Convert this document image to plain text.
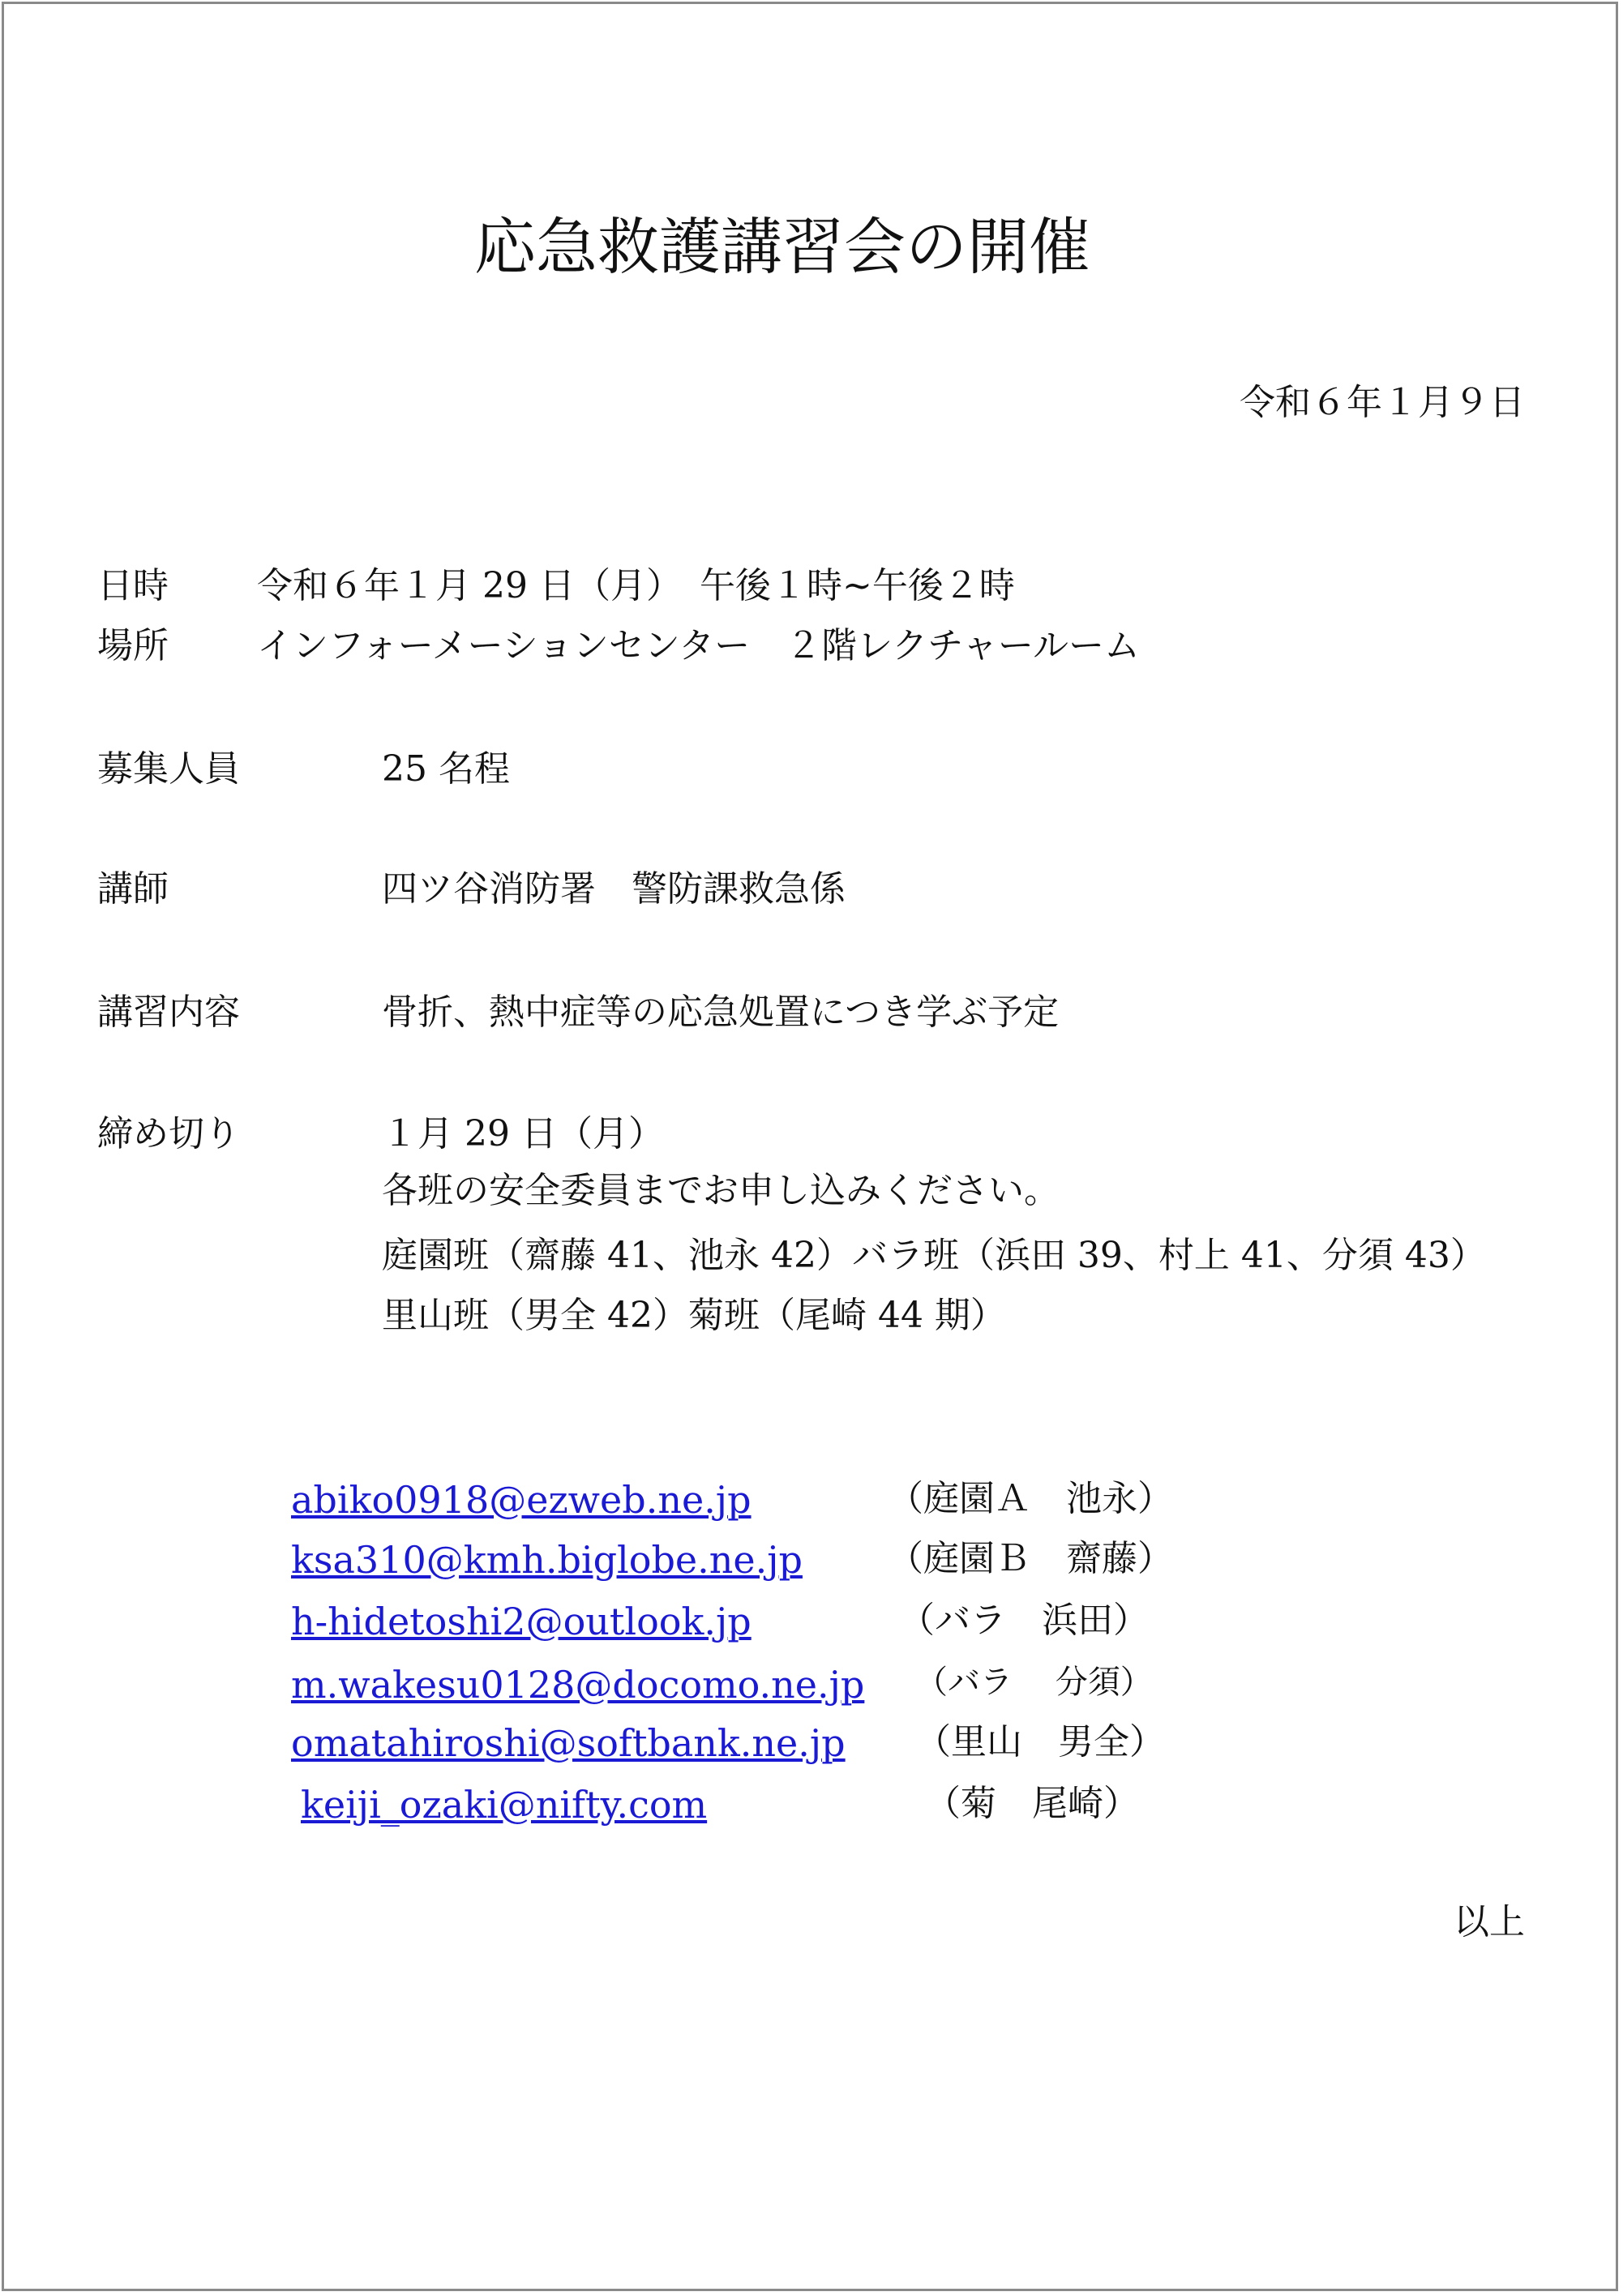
応急救護講習会の開催
令和６年１月９日
日時 令和６年１月 29 日（月）　午後１時~午後２時
場所 インフォーメーションセンター　２階レクチャールーム
募集人員	25 名程
講師	四ツ谷消防署　警防課救急係
講習内容	骨折、熱中症等の応急処置につき学ぶ予定
締め切り	１月 29 日（月）
各班の安全委員までお申し込みください。
庭園班（齋藤 41、池永 42）バラ班（浜田 39、村上 41、分須 43）
里山班（男全 42）菊班（尾崎 44 期）
abiko0918@ezweb.ne.jp	（庭園Ａ　池永）
ksa310@kmh.biglobe.ne.jp （庭園Ｂ　齋藤）
h-hidetoshi2@outlook.jp	（バラ　浜田）
m.wakesu0128@docomo.ne.jp （バラ　 分須）
omatahiroshi@softbank.ne.jp （里山　男全）
keiji_ozaki@nifty.com	（菊　尾崎）
以上
